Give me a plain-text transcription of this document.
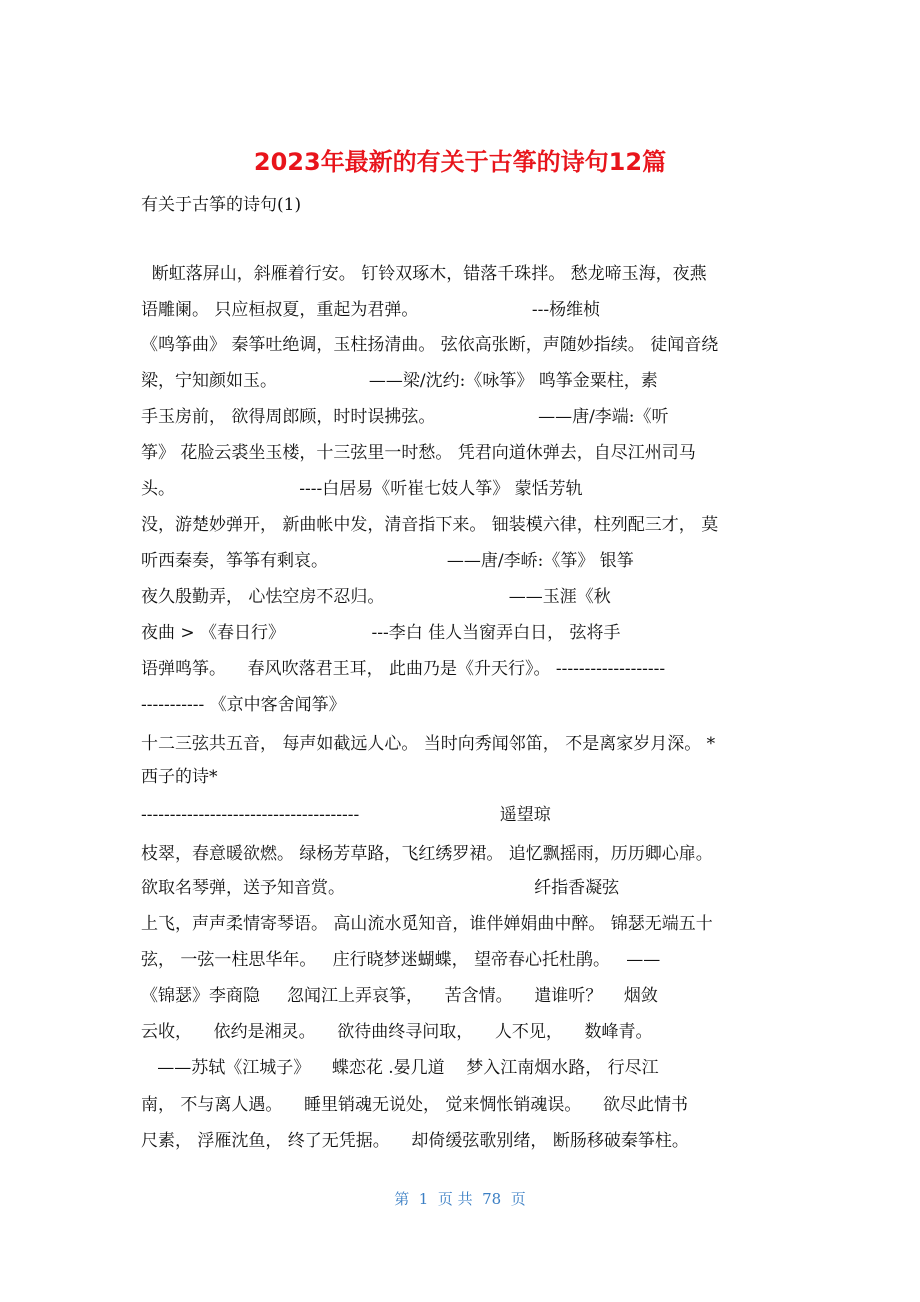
2023年最新的有关于古筝的诗句12篇
有关于古筝的诗句(1)
断虹落屏山，斜雁着行安。 钉铃双琢木，错落千珠拌。 愁龙啼玉海，夜燕
语雕阑。 只应桓叔夏，重起为君弹。                     ---杨维桢
《鸣筝曲》 秦筝吐绝调，玉柱扬清曲。 弦依高张断，声随妙指续。 徒闻音绕
梁，宁知颜如玉。                 ——梁/沈约:《咏筝》 鸣筝金粟柱，素
手玉房前， 欲得周郎顾，时时误拂弦。                   ——唐/李端:《听
筝》 花脸云裘坐玉楼，十三弦里一时愁。 凭君向道休弹去，自尽江州司马
头。                       ----白居易《听崔七妓人筝》 蒙恬芳轨
没，游楚妙弹开， 新曲帐中发，清音指下来。 钿装模六律，柱列配三才， 莫
听西秦奏，筝筝有剩哀。                      ——唐/李峤:《筝》 银筝
夜久殷勤弄， 心怯空房不忍归。                       ——玉涯《秋
夜曲 > 《春日行》                ---李白 佳人当窗弄白日， 弦将手
语弹鸣筝。    春风吹落君王耳， 此曲乃是《升天行》。 -------------------
----------- 《京中客舍闻筝》
十二三弦共五音， 每声如截远人心。 当时向秀闻邻笛， 不是离家岁月深。 *
西子的诗*
--------------------------------------                          遥望琼
枝翠，春意暖欲燃。 绿杨芳草路，飞红绣罗裙。 追忆飘摇雨，历历卿心扉。
欲取名琴弹，送予知音赏。                                   纤指香凝弦
上飞，声声柔情寄琴语。 高山流水觅知音，谁伴婵娟曲中醉。 锦瑟无端五十
弦， 一弦一柱思华年。   庄行晓梦迷蝴蝶， 望帝春心托杜鹃。   ——
《锦瑟》李商隐     忽闻江上弄哀筝，    苦含情。    遣谁听？    烟敛
云收，    依约是湘灵。    欲待曲终寻问取，    人不见，    数峰青。
——苏轼《江城子》    蝶恋花 .晏几道    梦入江南烟水路， 行尽江
南， 不与离人遇。    睡里销魂无说处， 觉来惆怅销魂误。    欲尽此情书
尺素， 浮雁沈鱼， 终了无凭据。    却倚缓弦歌别绪， 断肠移破秦筝柱。
第  1  页 共  78  页
